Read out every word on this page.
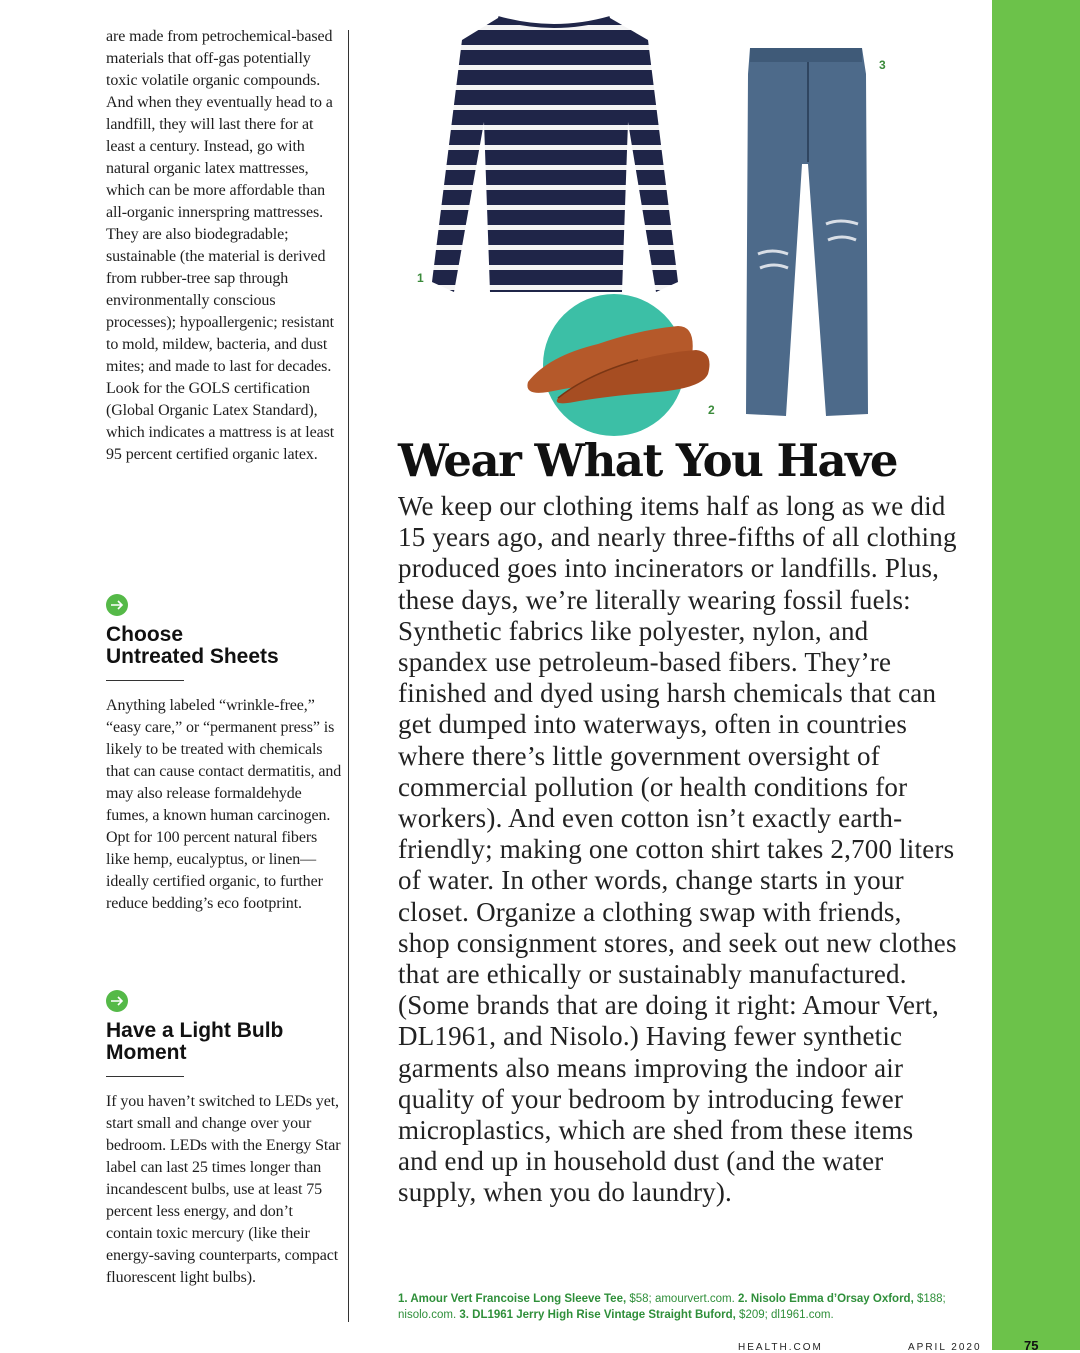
are made from petrochemical-based materials that off-gas potentially toxic volatile organic compounds. And when they eventually head to a landfill, they will last there for at least a century. Instead, go with natural organic latex mattresses, which can be more affordable than all-organic innerspring mattresses. They are also biodegradable; sustainable (the material is derived from rubber-tree sap through environmentally conscious processes); hypoallergenic; resistant to mold, mildew, bacteria, and dust mites; and made to last for decades. Look for the GOLS certification (Global Organic Latex Standard), which indicates a mattress is at least 95 percent certified organic latex.

Choose
Untreated Sheets

Anything labeled “wrinkle-free,” “easy care,” or “permanent press” is likely to be treated with chemicals that can cause contact dermatitis, and may also release formaldehyde fumes, a known human carcinogen. Opt for 100 percent natural fibers like hemp, eucalyptus, or linen—ideally certified organic, to further reduce bedding’s eco footprint.

Have a Light Bulb
Moment

If you haven’t switched to LEDs yet, start small and change over your bedroom. LEDs with the Energy Star label can last 25 times longer than incandescent bulbs, use at least 75 percent less energy, and don’t contain toxic mercury (like their energy-saving counterparts, compact fluorescent light bulbs).

1
2
3
Wear What You Have

We keep our clothing items half as long as we did 15 years ago, and nearly three-fifths of all clothing produced goes into incinerators or landfills. Plus, these days, we’re literally wearing fossil fuels: Synthetic fabrics like polyester, nylon, and spandex use petroleum-based fibers. They’re finished and dyed using harsh chemicals that can get dumped into waterways, often in countries where there’s little government oversight of commercial pollution (or health conditions for workers). And even cotton isn’t exactly earth-friendly; making one cotton shirt takes 2,700 liters of water. In other words, change starts in your closet. Organize a clothing swap with friends, shop consignment stores, and seek out new clothes that are ethically or sustainably manufactured. (Some brands that are doing it right: Amour Vert, DL1961, and Nisolo.) Having fewer synthetic garments also means improving the indoor air quality of your bedroom by introducing fewer microplastics, which are shed from these items and end up in household dust (and the water supply, when you do laundry).

1. Amour Vert Francoise Long Sleeve Tee, $58; amourvert.com. 2. Nisolo Emma d’Orsay Oxford, $188; nisolo.com. 3. DL1961 Jerry High Rise Vintage Straight Buford, $209; dl1961.com.

HEALTH.COM	APRIL 2020	75
